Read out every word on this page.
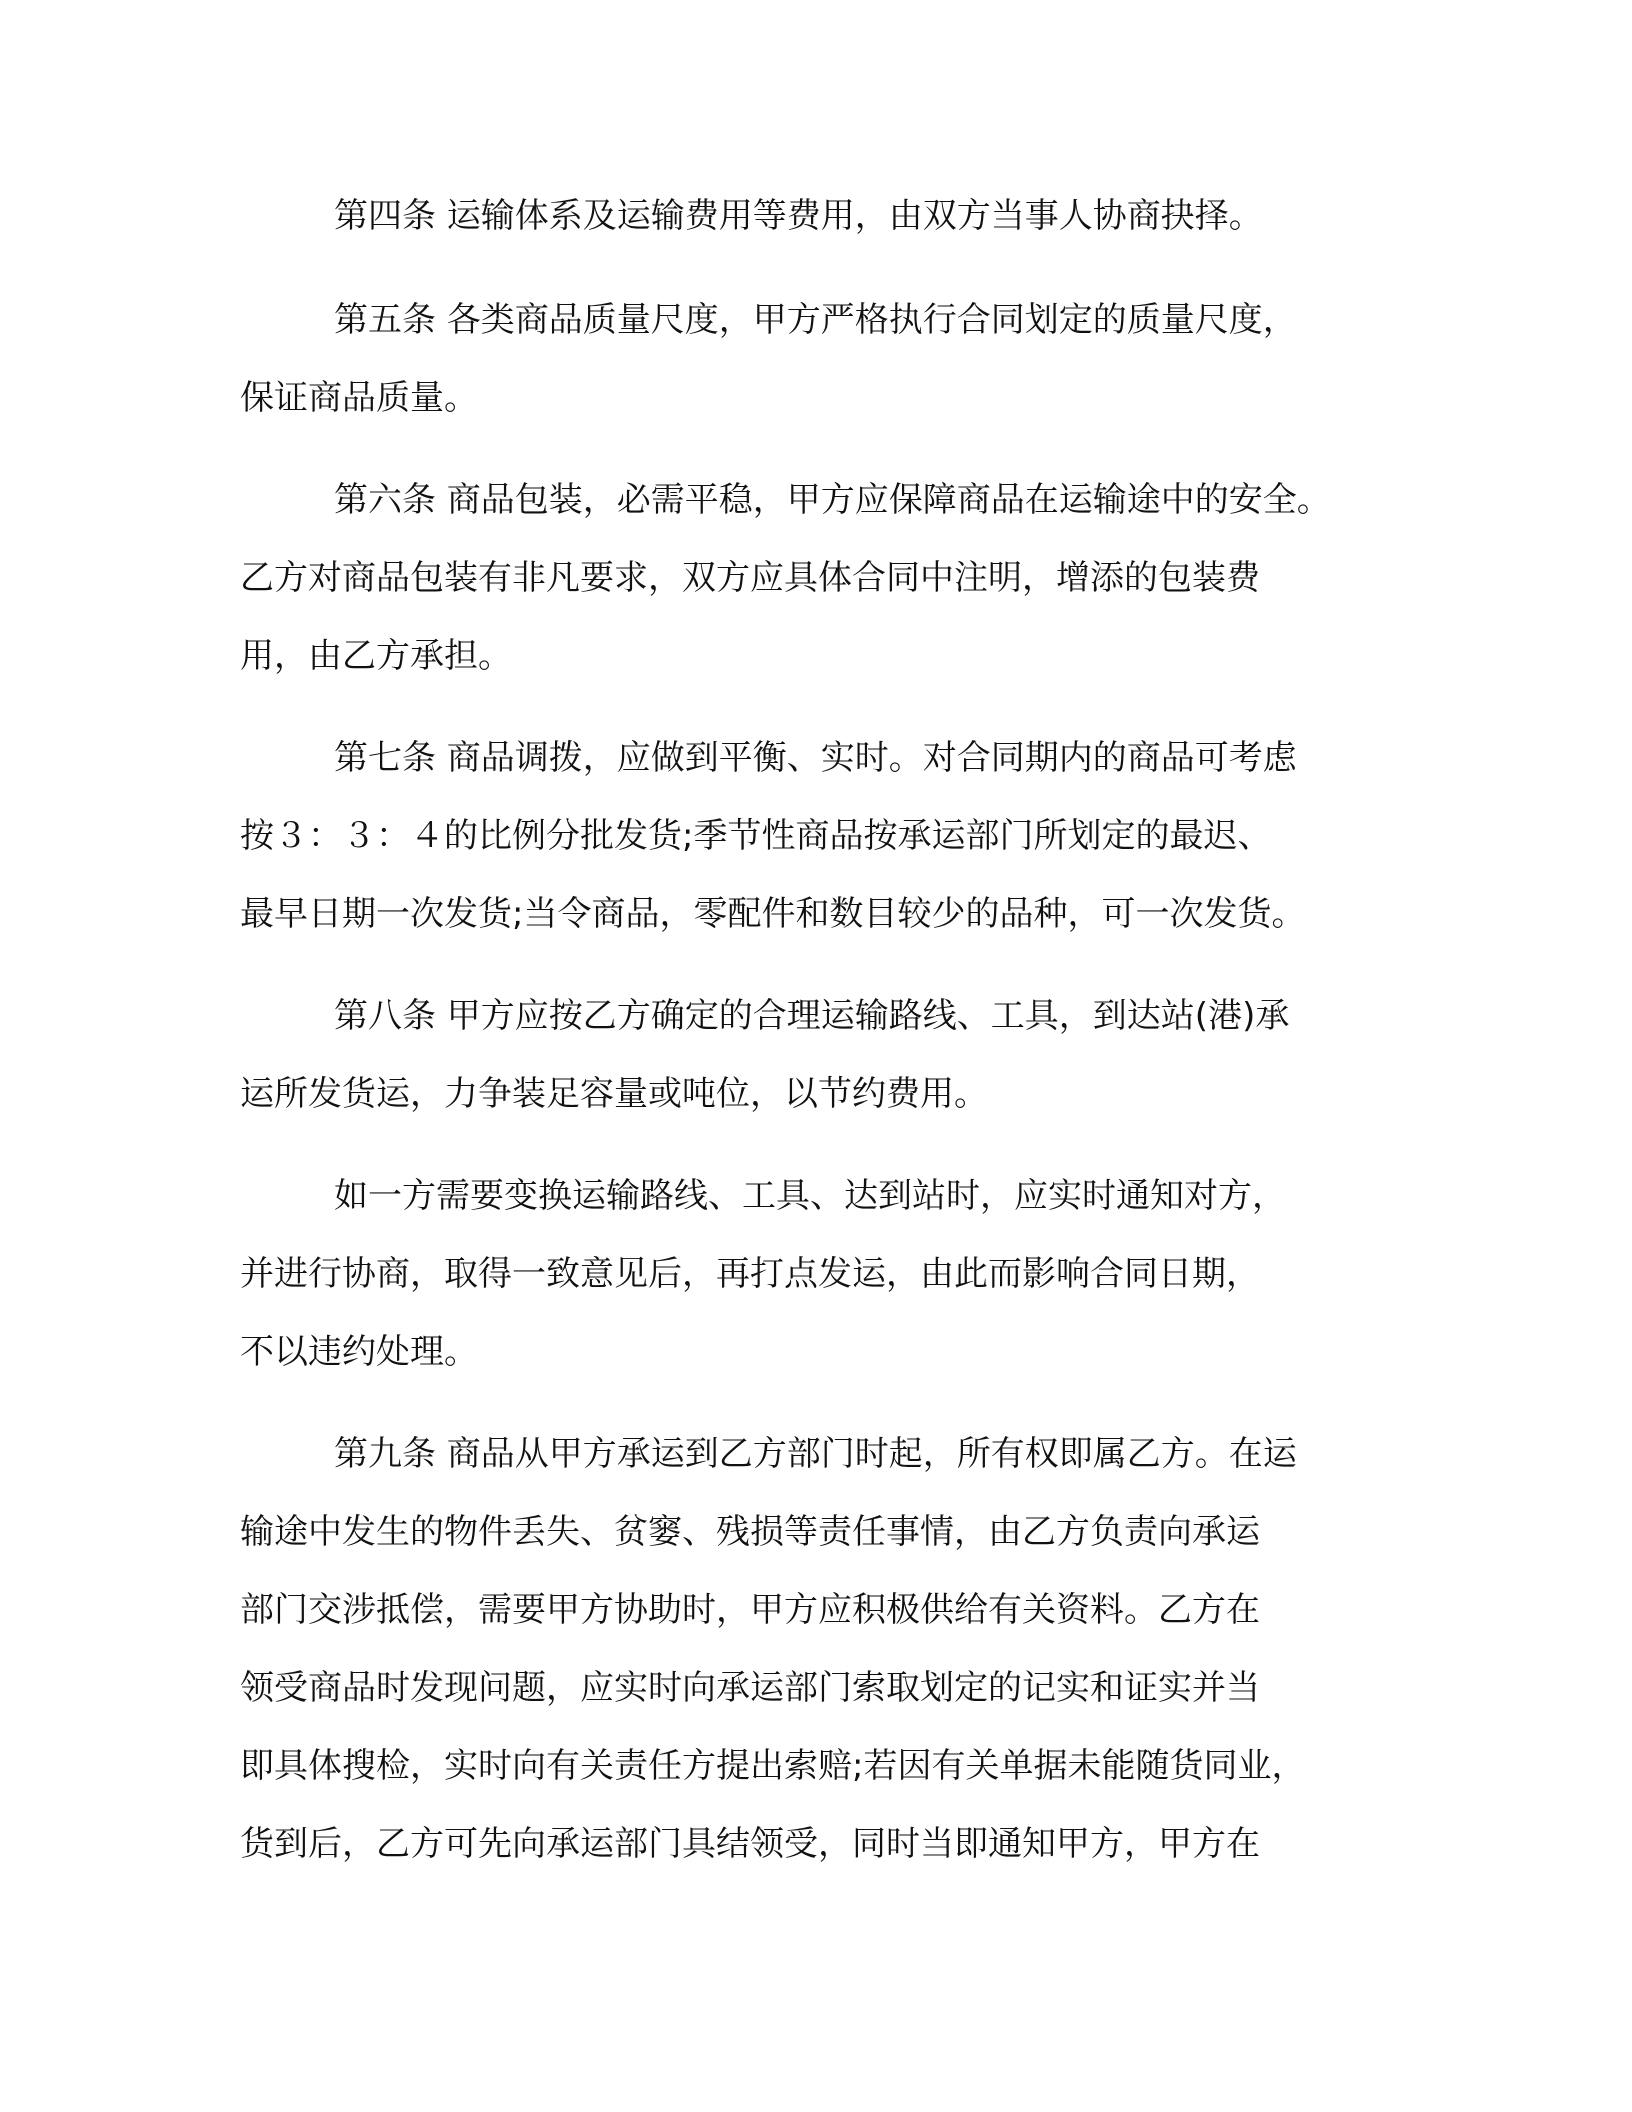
第四条 运输体系及运输费用等费用，由双方当事人协商抉择。
第五条 各类商品质量尺度，甲方严格执行合同划定的质量尺度，
保证商品质量。
第六条 商品包装，必需平稳，甲方应保障商品在运输途中的安全。
乙方对商品包装有非凡要求，双方应具体合同中注明，增添的包装费
用，由乙方承担。
第七条 商品调拨，应做到平衡、实时。对合同期内的商品可考虑
按３：３：４的比例分批发货;季节性商品按承运部门所划定的最迟、
最早日期一次发货;当令商品，零配件和数目较少的品种，可一次发货。
第八条 甲方应按乙方确定的合理运输路线、工具，到达站(港)承
运所发货运，力争装足容量或吨位，以节约费用。
如一方需要变换运输路线、工具、达到站时，应实时通知对方，
并进行协商，取得一致意见后，再打点发运，由此而影响合同日期，
不以违约处理。
第九条 商品从甲方承运到乙方部门时起，所有权即属乙方。在运
输途中发生的物件丢失、贫窭、残损等责任事情，由乙方负责向承运
部门交涉抵偿，需要甲方协助时，甲方应积极供给有关资料。乙方在
领受商品时发现问题，应实时向承运部门索取划定的记实和证实并当
即具体搜检，实时向有关责任方提出索赔;若因有关单据未能随货同业，
货到后，乙方可先向承运部门具结领受，同时当即通知甲方，甲方在
